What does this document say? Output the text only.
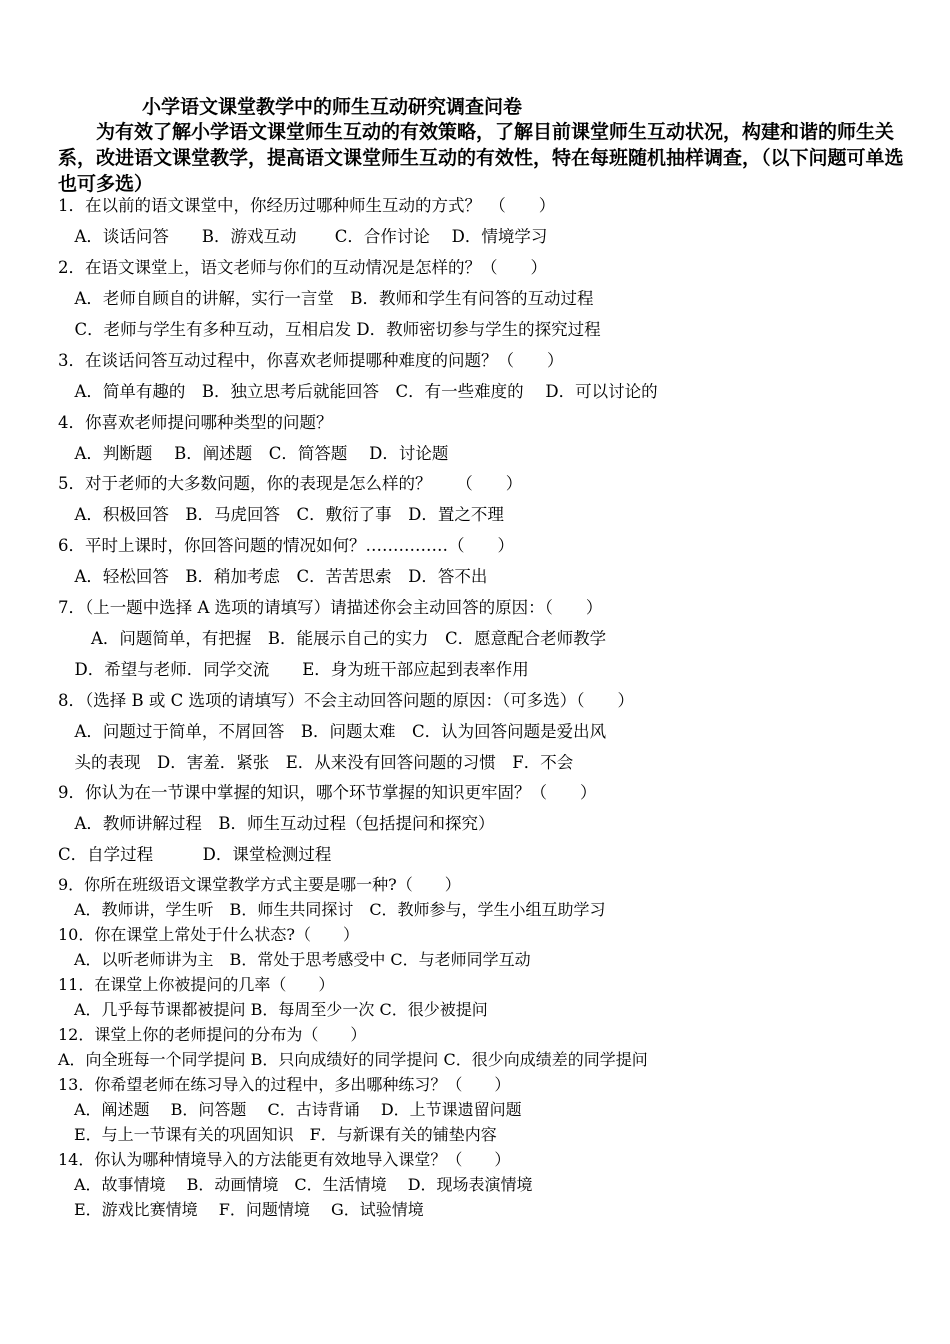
小学语文课堂教学中的师生互动研究调查问卷
为有效了解小学语文课堂师生互动的有效策略，了解目前课堂师生互动状况，构建和谐的师生关系，改进语文课堂教学，提高语文课堂师生互动的有效性，特在每班随机抽样调查，（以下问题可单选也可多选）
1．在以前的语文课堂中，你经历过哪种师生互动的方式？　（　　）
　A．谈话问答　　B．游戏互动　　 C．合作讨论　 D．情境学习
2．在语文课堂上，语文老师与你们的互动情况是怎样的？（　　）
　A．老师自顾自的讲解，实行一言堂　B．教师和学生有问答的互动过程
　C．老师与学生有多种互动，互相启发 D．教师密切参与学生的探究过程
3．在谈话问答互动过程中，你喜欢老师提哪种难度的问题？（　　）
　A．简单有趣的　B．独立思考后就能回答　C．有一些难度的　 D．可以讨论的
4．你喜欢老师提问哪种类型的问题？
　A．判断题　 B．阐述题　C．简答题　 D．讨论题
5．对于老师的大多数问题，你的表现是怎么样的？　　（　　）
　A．积极回答　B．马虎回答　C．敷衍了事　D．置之不理
6．平时上课时，你回答问题的情况如何？……………（　　）
　A．轻松回答　B．稍加考虑　C．苦苦思索　D．答不出
7．（上一题中选择 A 选项的请填写）请描述你会主动回答的原因：（　　）
　　A．问题简单，有把握　B．能展示自己的实力　C．愿意配合老师教学
　D．希望与老师．同学交流　　E．身为班干部应起到表率作用
8．（选择 B 或 C 选项的请填写）不会主动回答问题的原因：（可多选）（　　）
　A．问题过于简单，不屑回答　B．问题太难　C．认为回答问题是爱出风
　头的表现　D．害羞．紧张　E．从来没有回答问题的习惯　F．不会
9．你认为在一节课中掌握的知识，哪个环节掌握的知识更牢固？（　　）
　A．教师讲解过程　B．师生互动过程（包括提问和探究）
C．自学过程　　　D．课堂检测过程
9．你所在班级语文课堂教学方式主要是哪一种?（　　）
　A．教师讲，学生听　B．师生共同探讨　C．教师参与，学生小组互助学习
10．你在课堂上常处于什么状态?（　　）
　A．以听老师讲为主　B．常处于思考感受中 C．与老师同学互动
11．在课堂上你被提问的几率（　　）
　A．几乎每节课都被提问 B．每周至少一次 C．很少被提问
12．课堂上你的老师提问的分布为（　　）
A．向全班每一个同学提问 B．只向成绩好的同学提问 C．很少向成绩差的同学提问
13．你希望老师在练习导入的过程中，多出哪种练习？（　　）
　A．阐述题　 B．问答题　 C．古诗背诵　 D．上节课遗留问题
　E．与上一节课有关的巩固知识　F．与新课有关的铺垫内容
14．你认为哪种情境导入的方法能更有效地导入课堂？（　　）
　A．故事情境　 B．动画情境　C．生活情境　 D．现场表演情境
　E．游戏比赛情境　 F．问题情境　 G．试验情境
